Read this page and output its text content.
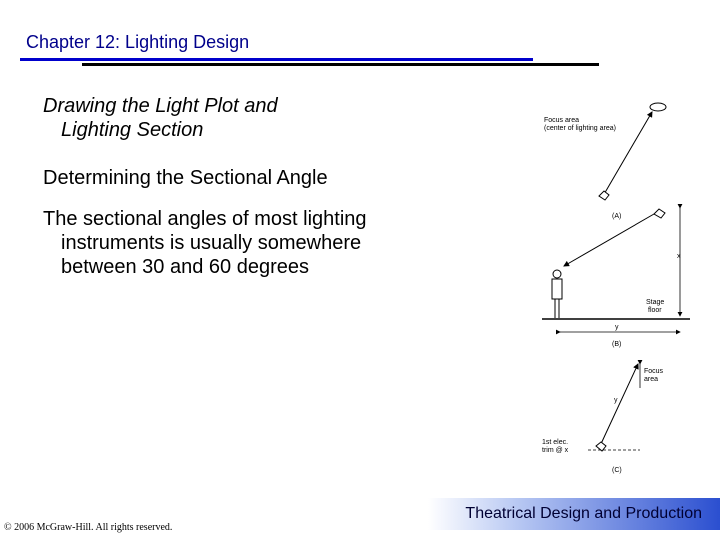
Chapter 12: Lighting Design
Drawing the Light Plot and
Lighting Section
Determining the Sectional Angle
The sectional angles of most lighting
instruments is usually somewhere
between 30 and 60 degrees
Focus area
(center of lighting area)
(A)
x
Stage
floor
y
(B)
Focus
area
y
1st elec.
trim @ x
(C)
Theatrical Design and Production
© 2006 McGraw-Hill. All rights reserved.
